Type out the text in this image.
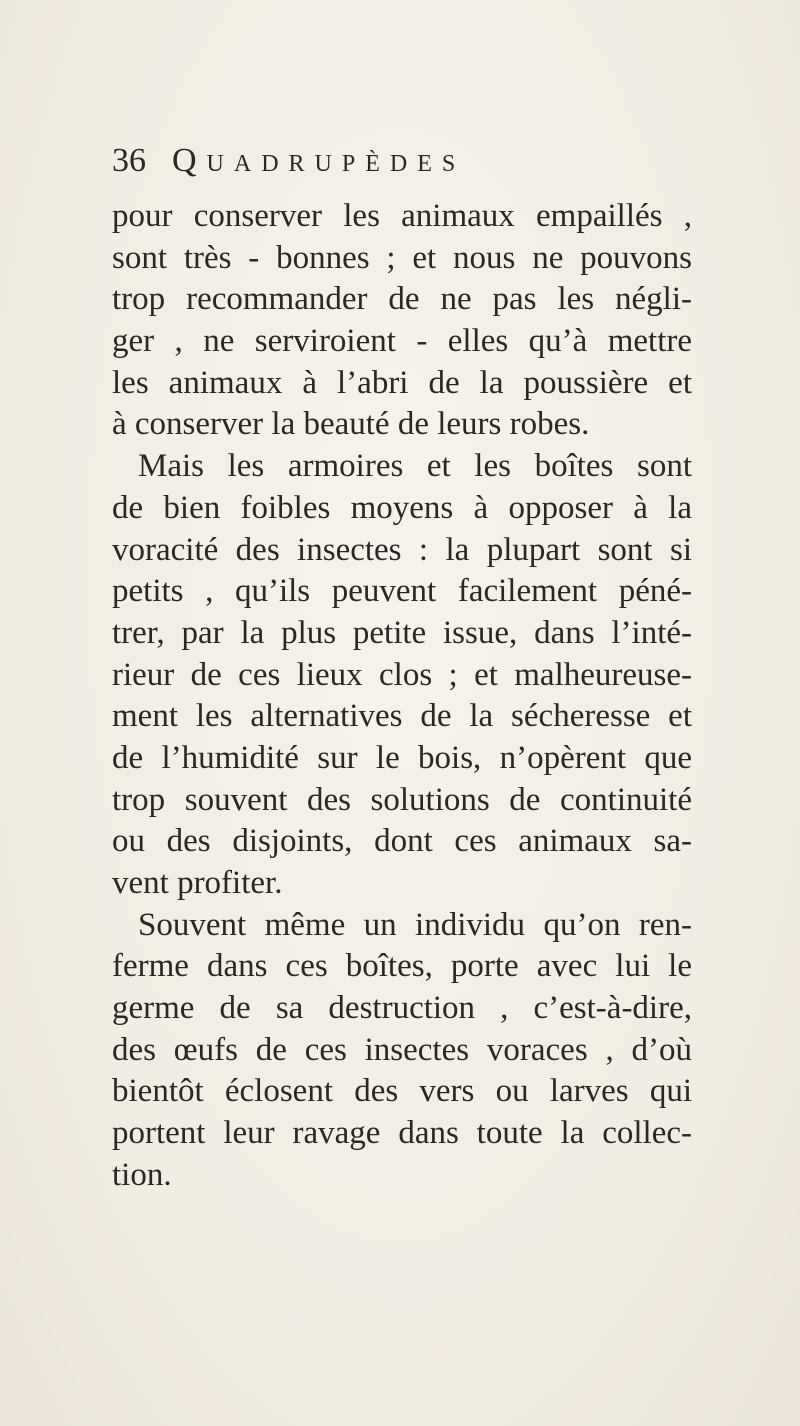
36 Quadrupèdes
pour conserver les animaux empaillés ,
sont très - bonnes ; et nous ne pouvons
trop recommander de ne pas les négli-
ger , ne serviroient - elles qu’à mettre
les animaux à l’abri de la poussière et
à conserver la beauté de leurs robes.
Mais les armoires et les boîtes sont
de bien foibles moyens à opposer à la
voracité des insectes : la plupart sont si
petits , qu’ils peuvent facilement péné-
trer, par la plus petite issue, dans l’inté-
rieur de ces lieux clos ; et malheureuse-
ment les alternatives de la sécheresse et
de l’humidité sur le bois, n’opèrent que
trop souvent des solutions de continuité
ou des disjoints, dont ces animaux sa-
vent profiter.
Souvent même un individu qu’on ren-
ferme dans ces boîtes, porte avec lui le
germe de sa destruction , c’est-à-dire,
des œufs de ces insectes voraces , d’où
bientôt éclosent des vers ou larves qui
portent leur ravage dans toute la collec-
tion.
